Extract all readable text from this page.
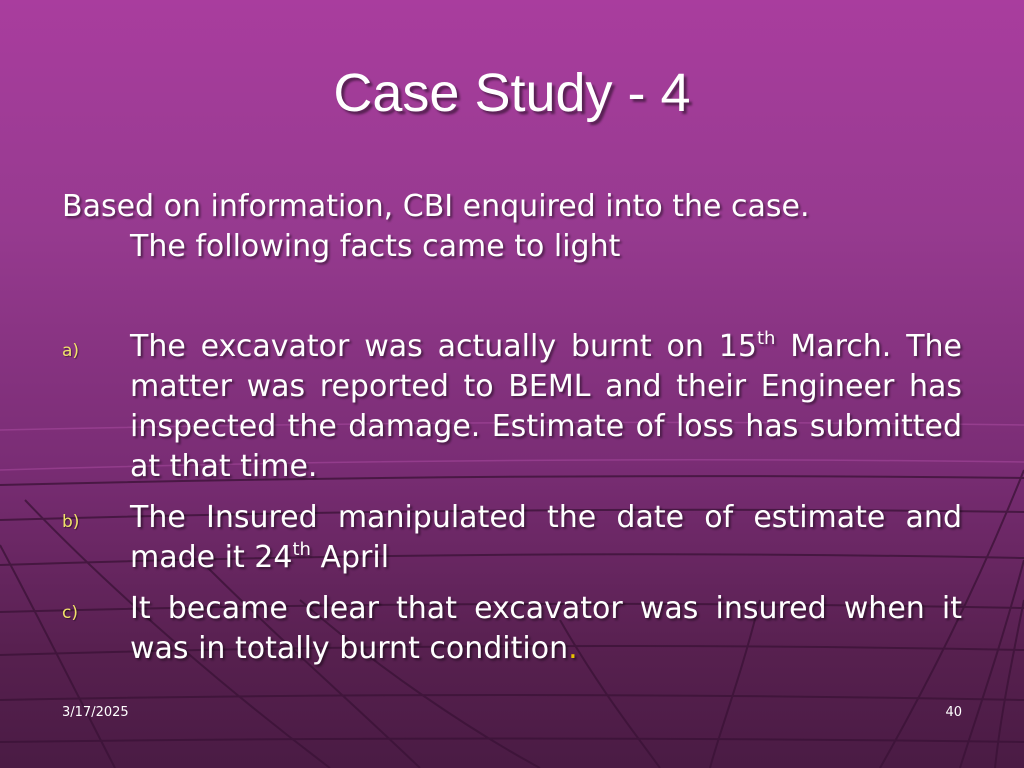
Case Study - 4
Based on information, CBI enquired into the case.
The following facts came to light
a) The excavator was actually burnt on 15th March. The matter was reported to BEML and their Engineer has inspected the damage. Estimate of loss has submitted at that time.
b) The Insured manipulated the date of estimate and made it 24th April
c) It became clear that excavator was insured when it was in totally burnt condition.
3/17/2025	40
